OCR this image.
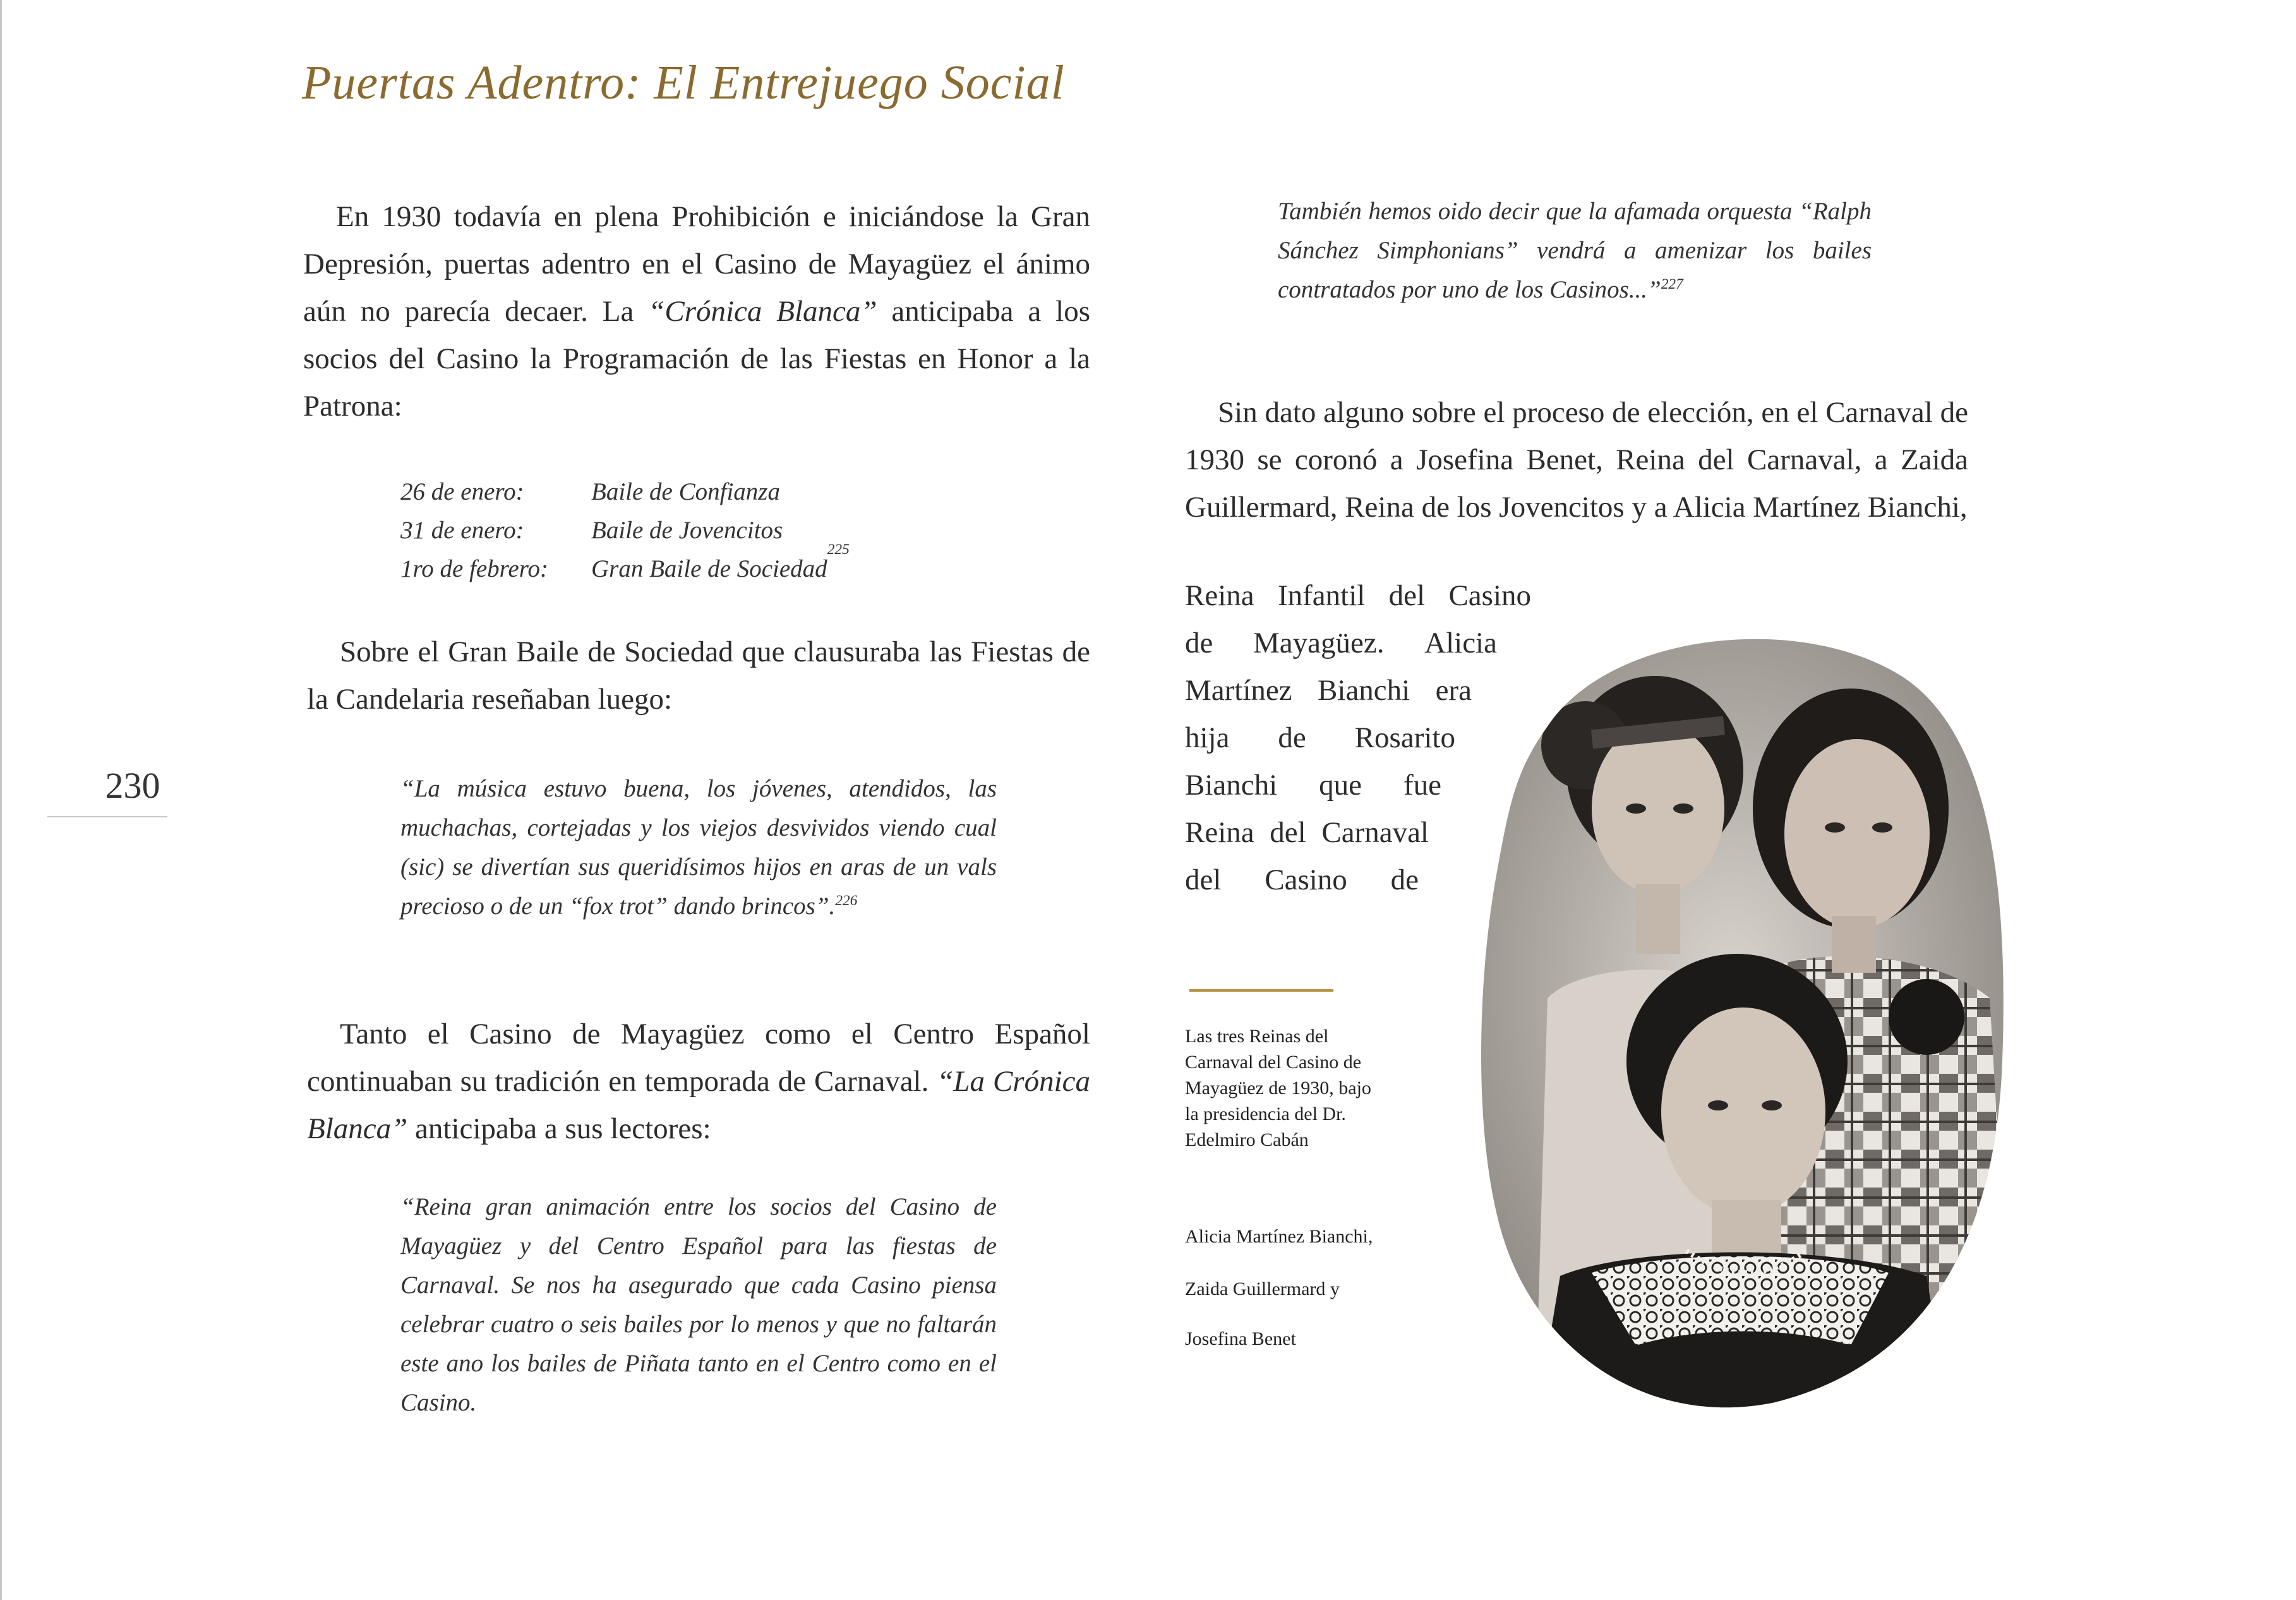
Puertas Adentro: El Entrejuego Social
230

En 1930 todavía en plena Prohibición e iniciándose la Gran Depresión, puertas adentro en el Casino de Mayagüez el ánimo aún no parecía decaer. La “Crónica Blanca” anticipaba a los socios del Casino la Programación de las Fiestas en Honor a la Patrona:

26 de enero:	Baile de Confianza
31 de enero:	Baile de Jovencitos
1ro de febrero:	Gran Baile de Sociedad
225

Sobre el Gran Baile de Sociedad que clausuraba las Fiestas de la Candelaria reseñaban luego:

“La música estuvo buena, los jóvenes, atendidos, las muchachas, cortejadas y los viejos desvividos viendo cual (sic) se divertían sus queridísimos hijos en aras de un vals precioso o de un “fox trot” dando brincos”.$^{226}$

Tanto el Casino de Mayagüez como el Centro Español continuaban su tradición en temporada de Carnaval. “La Crónica Blanca” anticipaba a sus lectores:

“Reina gran animación entre los socios del Casino de Mayagüez y del Centro Español para las fiestas de Carnaval. Se nos ha asegurado que cada Casino piensa celebrar cuatro o seis bailes por lo menos y que no faltarán este ano los bailes de Piñata tanto en el Centro como en el Casino.

También hemos oido decir que la afamada orquesta “Ralph Sánchez Simphonians” vendrá a amenizar los bailes contratados por uno de los Casinos...”$^{227}$

Sin dato alguno sobre el proceso de elección, en el Carnaval de 1930 se coronó a Josefina Benet, Reina del Carnaval, a Zaida Guillermard, Reina de los Jovencitos y a Alicia Martínez Bianchi,

Reina Infantil del Casino
de Mayagüez. Alicia
Martínez Bianchi era
hija de Rosarito
Bianchi que fue
Reina del Carnaval
del Casino de
Las tres Reinas del Carnaval del Casino de Mayagüez de 1930, bajo la presidencia del Dr. Edelmiro Cabán
Alicia Martínez Bianchi,
Zaida Guillermard y
Josefina Benet
